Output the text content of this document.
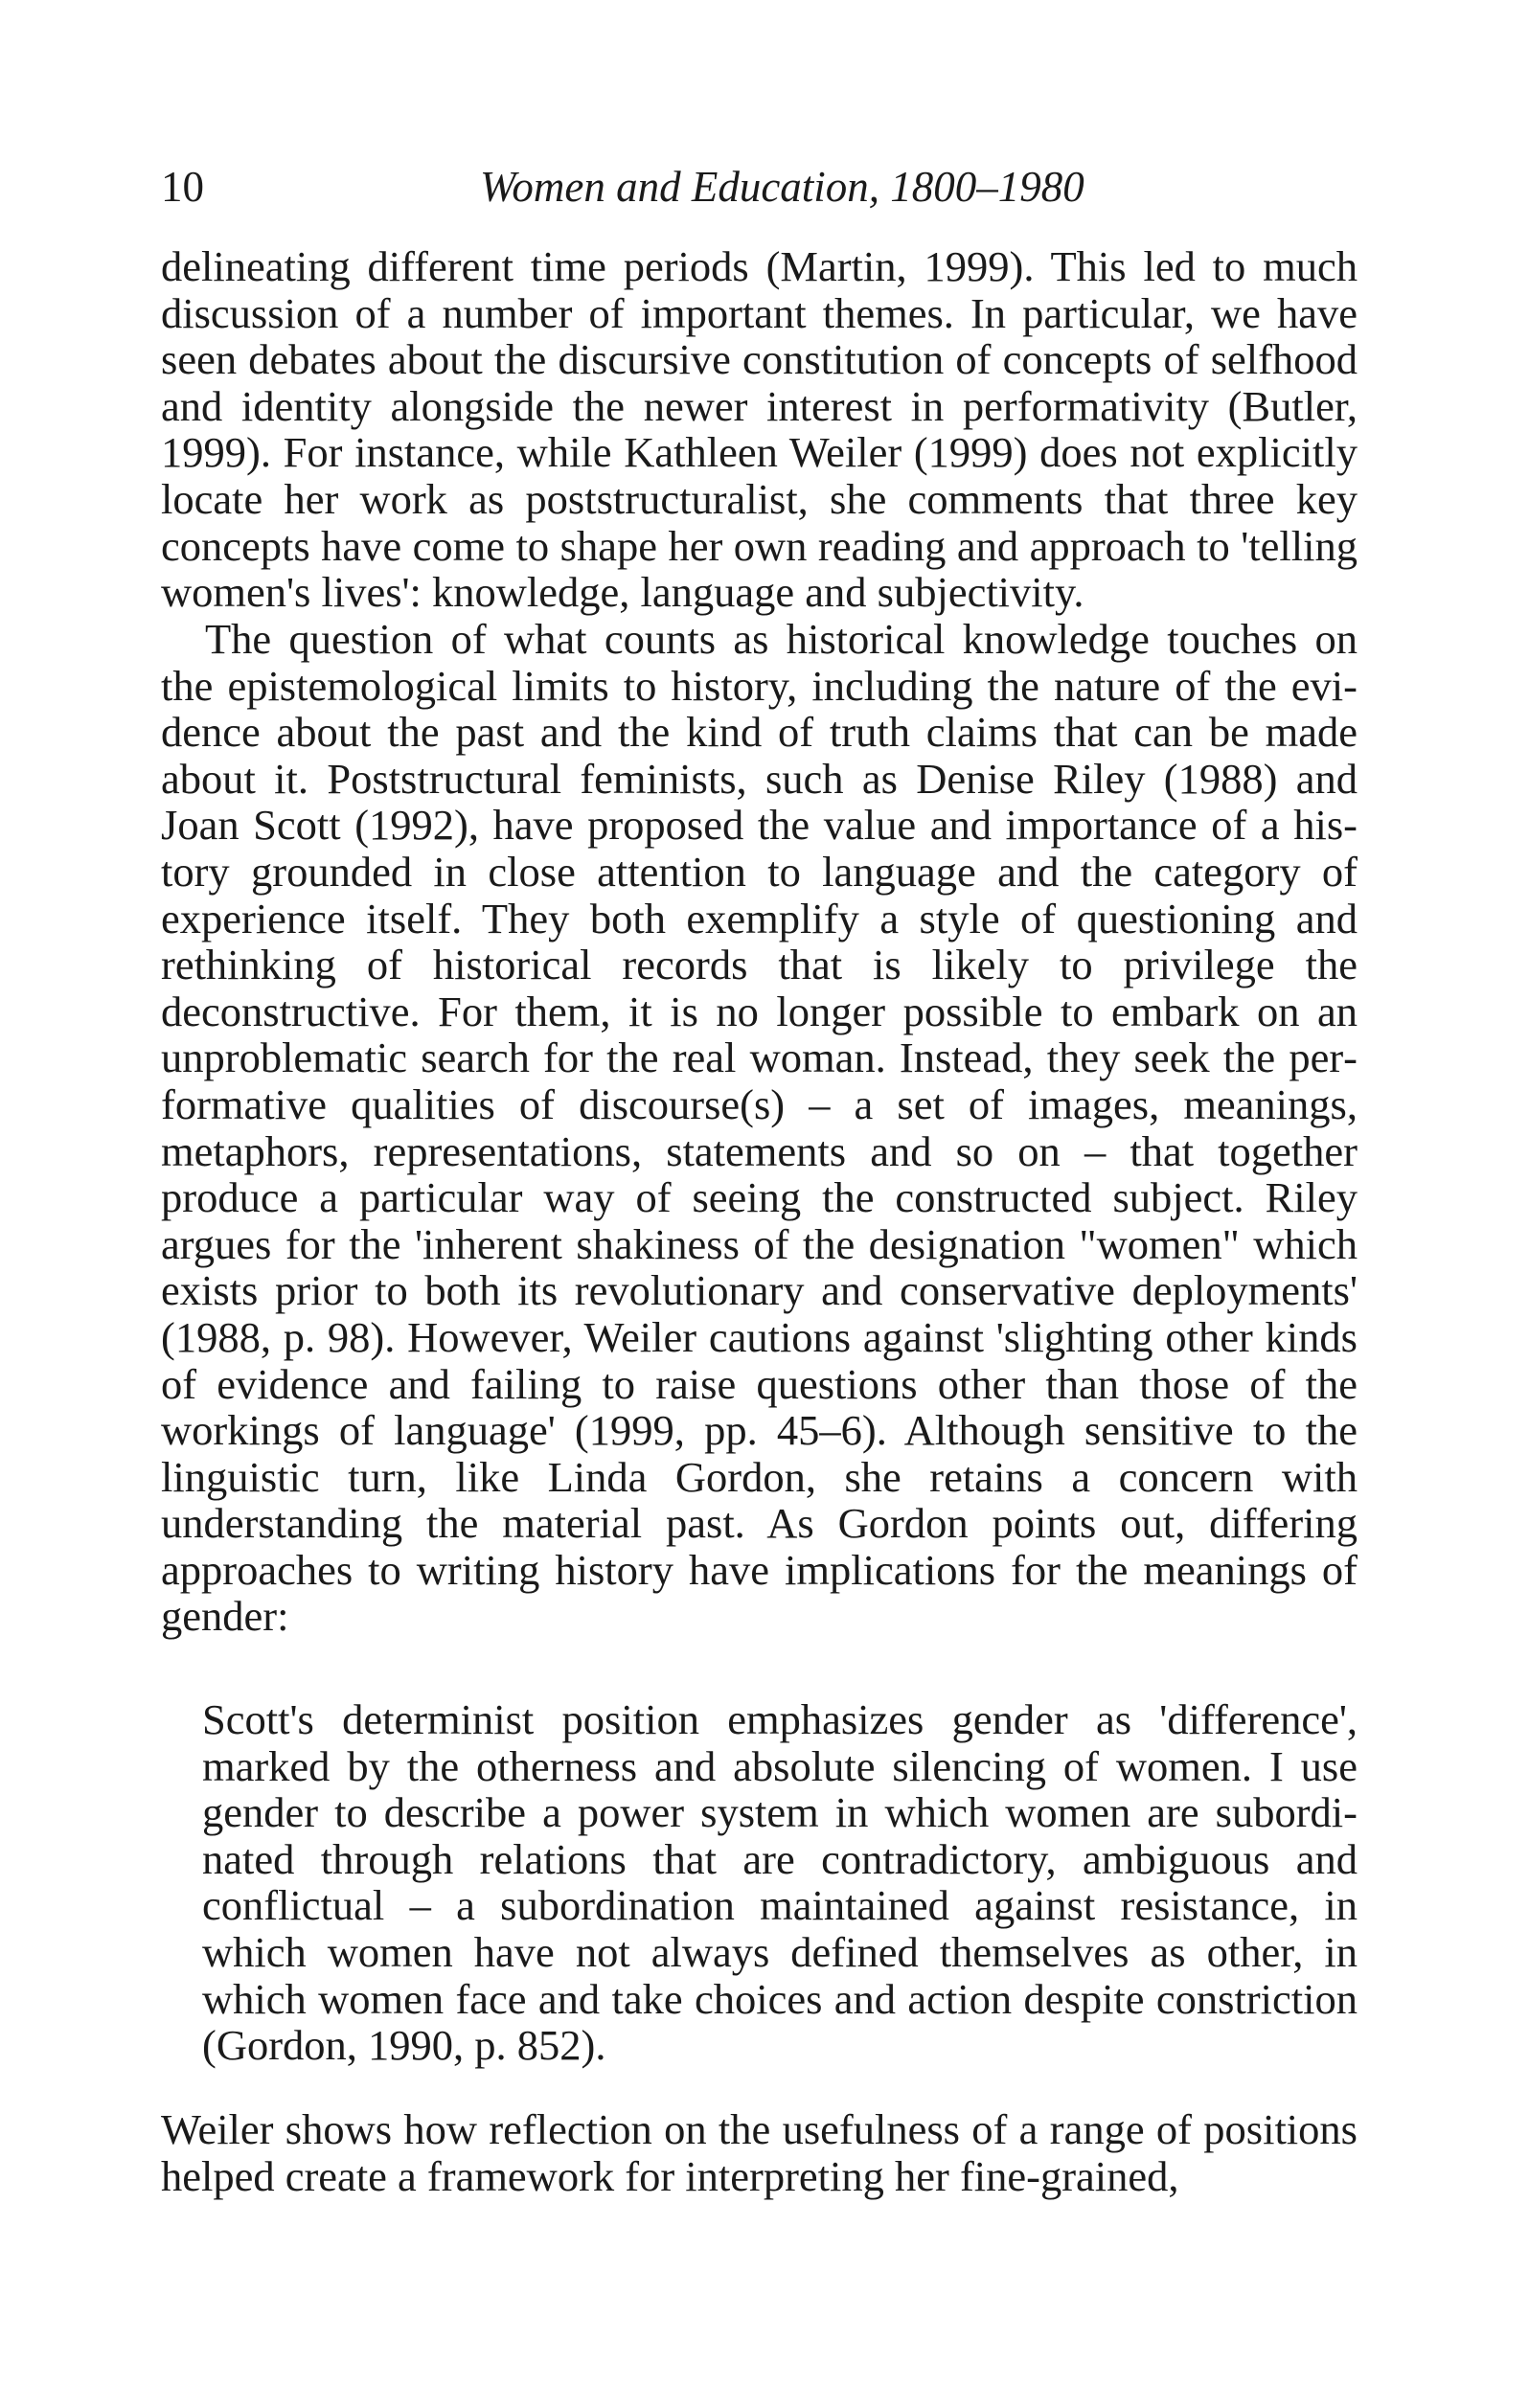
10	Women and Education, 1800–1980

delineating different time periods (Martin, 1999). This led to much discussion of a number of important themes. In particular, we have seen debates about the discursive constitution of concepts of selfhood and identity alongside the newer interest in performativity (Butler, 1999). For instance, while Kathleen Weiler (1999) does not explicitly locate her work as poststructuralist, she comments that three key concepts have come to shape her own reading and approach to 'telling women's lives': knowledge, language and subjectivity.

The question of what counts as historical knowledge touches on the epistemological limits to history, including the nature of the evidence about the past and the kind of truth claims that can be made about it. Poststructural feminists, such as Denise Riley (1988) and Joan Scott (1992), have proposed the value and importance of a history grounded in close attention to language and the category of experience itself. They both exemplify a style of questioning and rethinking of historical records that is likely to privilege the deconstructive. For them, it is no longer possible to embark on an unproblematic search for the real woman. Instead, they seek the performative qualities of discourse(s) – a set of images, meanings, metaphors, representations, statements and so on – that together produce a particular way of seeing the constructed subject. Riley argues for the 'inherent shakiness of the designation "women" which exists prior to both its revolutionary and conservative deployments' (1988, p. 98). However, Weiler cautions against 'slighting other kinds of evidence and failing to raise questions other than those of the workings of language' (1999, pp. 45–6). Although sensitive to the linguistic turn, like Linda Gordon, she retains a concern with understanding the material past. As Gordon points out, differing approaches to writing history have implications for the meanings of gender:

Scott's determinist position emphasizes gender as 'difference', marked by the otherness and absolute silencing of women. I use gender to describe a power system in which women are subordinated through relations that are contradictory, ambiguous and conflictual – a subordination maintained against resistance, in which women have not always defined themselves as other, in which women face and take choices and action despite constriction (Gordon, 1990, p. 852).

Weiler shows how reflection on the usefulness of a range of positions helped create a framework for interpreting her fine-grained,
